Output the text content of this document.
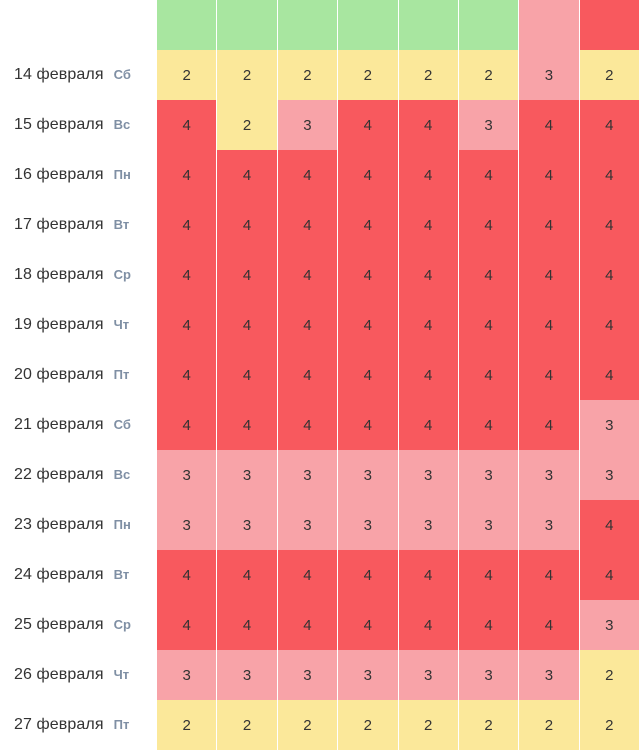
14 февраля Сб	2	2	2	2	2	2	3	2
15 февраля Вс	4	2	3	4	4	3	4	4
16 февраля Пн	4	4	4	4	4	4	4	4
17 февраля Вт	4	4	4	4	4	4	4	4
18 февраля Ср	4	4	4	4	4	4	4	4
19 февраля Чт	4	4	4	4	4	4	4	4
20 февраля Пт	4	4	4	4	4	4	4	4
21 февраля Сб	4	4	4	4	4	4	4	3
22 февраля Вс	3	3	3	3	3	3	3	3
23 февраля Пн	3	3	3	3	3	3	3	4
24 февраля Вт	4	4	4	4	4	4	4	4
25 февраля Ср	4	4	4	4	4	4	4	3
26 февраля Чт	3	3	3	3	3	3	3	2
27 февраля Пт	2	2	2	2	2	2	2	2
